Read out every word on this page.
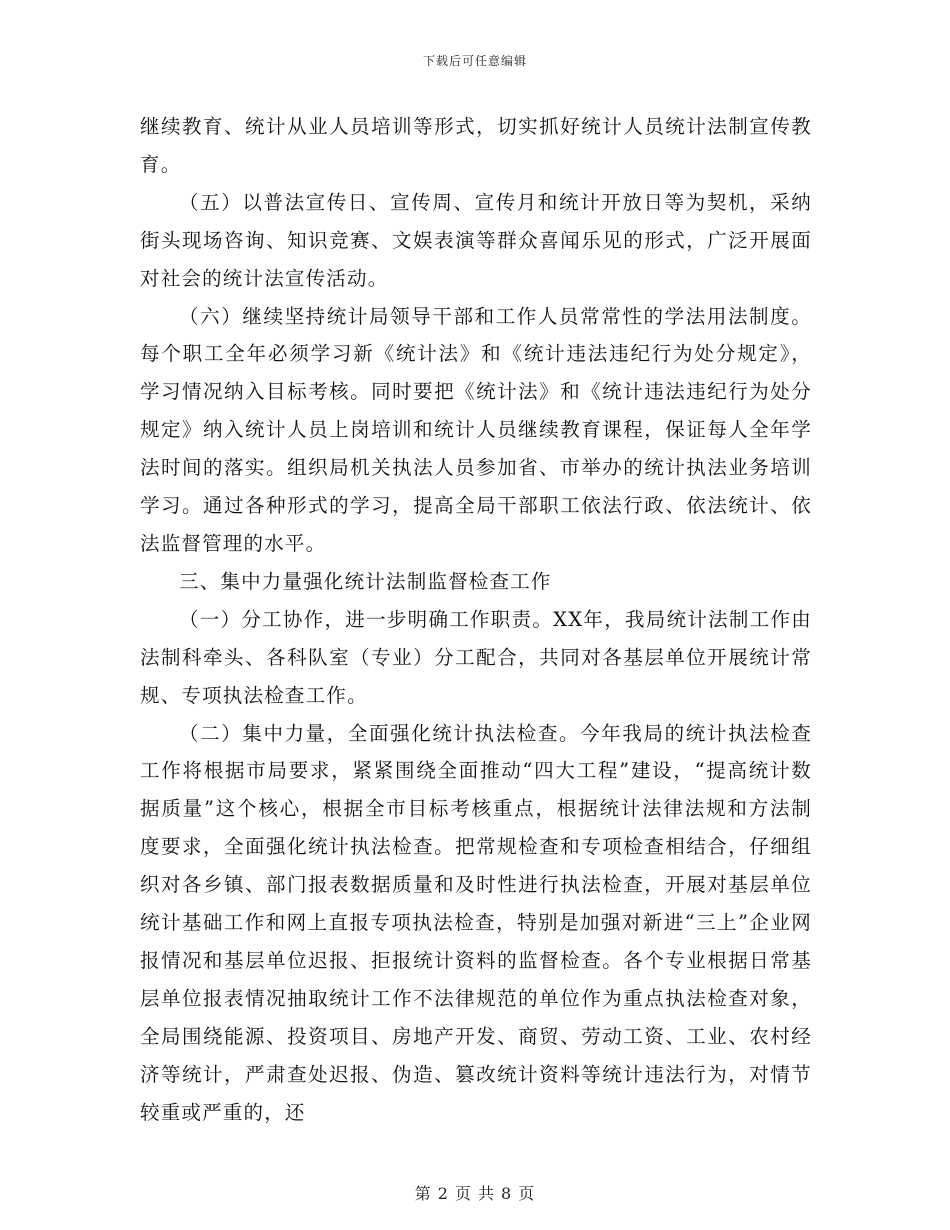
下载后可任意编辑

继续教育、统计从业人员培训等形式，切实抓好统计人员统计法制宣传教育。

（五）以普法宣传日、宣传周、宣传月和统计开放日等为契机，采纳街头现场咨询、知识竞赛、文娱表演等群众喜闻乐见的形式，广泛开展面对社会的统计法宣传活动。

（六）继续坚持统计局领导干部和工作人员常常性的学法用法制度。每个职工全年必须学习新《统计法》和《统计违法违纪行为处分规定》，学习情况纳入目标考核。同时要把《统计法》和《统计违法违纪行为处分规定》纳入统计人员上岗培训和统计人员继续教育课程，保证每人全年学法时间的落实。组织局机关执法人员参加省、市举办的统计执法业务培训学习。通过各种形式的学习，提高全局干部职工依法行政、依法统计、依法监督管理的水平。

三、集中力量强化统计法制监督检查工作

（一）分工协作，进一步明确工作职责。XX年，我局统计法制工作由法制科牵头、各科队室（专业）分工配合，共同对各基层单位开展统计常规、专项执法检查工作。

（二）集中力量，全面强化统计执法检查。今年我局的统计执法检查工作将根据市局要求，紧紧围绕全面推动“四大工程”建设，“提高统计数据质量”这个核心，根据全市目标考核重点，根据统计法律法规和方法制度要求，全面强化统计执法检查。把常规检查和专项检查相结合，仔细组织对各乡镇、部门报表数据质量和及时性进行执法检查，开展对基层单位统计基础工作和网上直报专项执法检查，特别是加强对新进“三上”企业网报情况和基层单位迟报、拒报统计资料的监督检查。各个专业根据日常基层单位报表情况抽取统计工作不法律规范的单位作为重点执法检查对象，全局围绕能源、投资项目、房地产开发、商贸、劳动工资、工业、农村经济等统计，严肃查处迟报、伪造、篡改统计资料等统计违法行为，对情节较重或严重的，还

第 2 页 共 8 页
